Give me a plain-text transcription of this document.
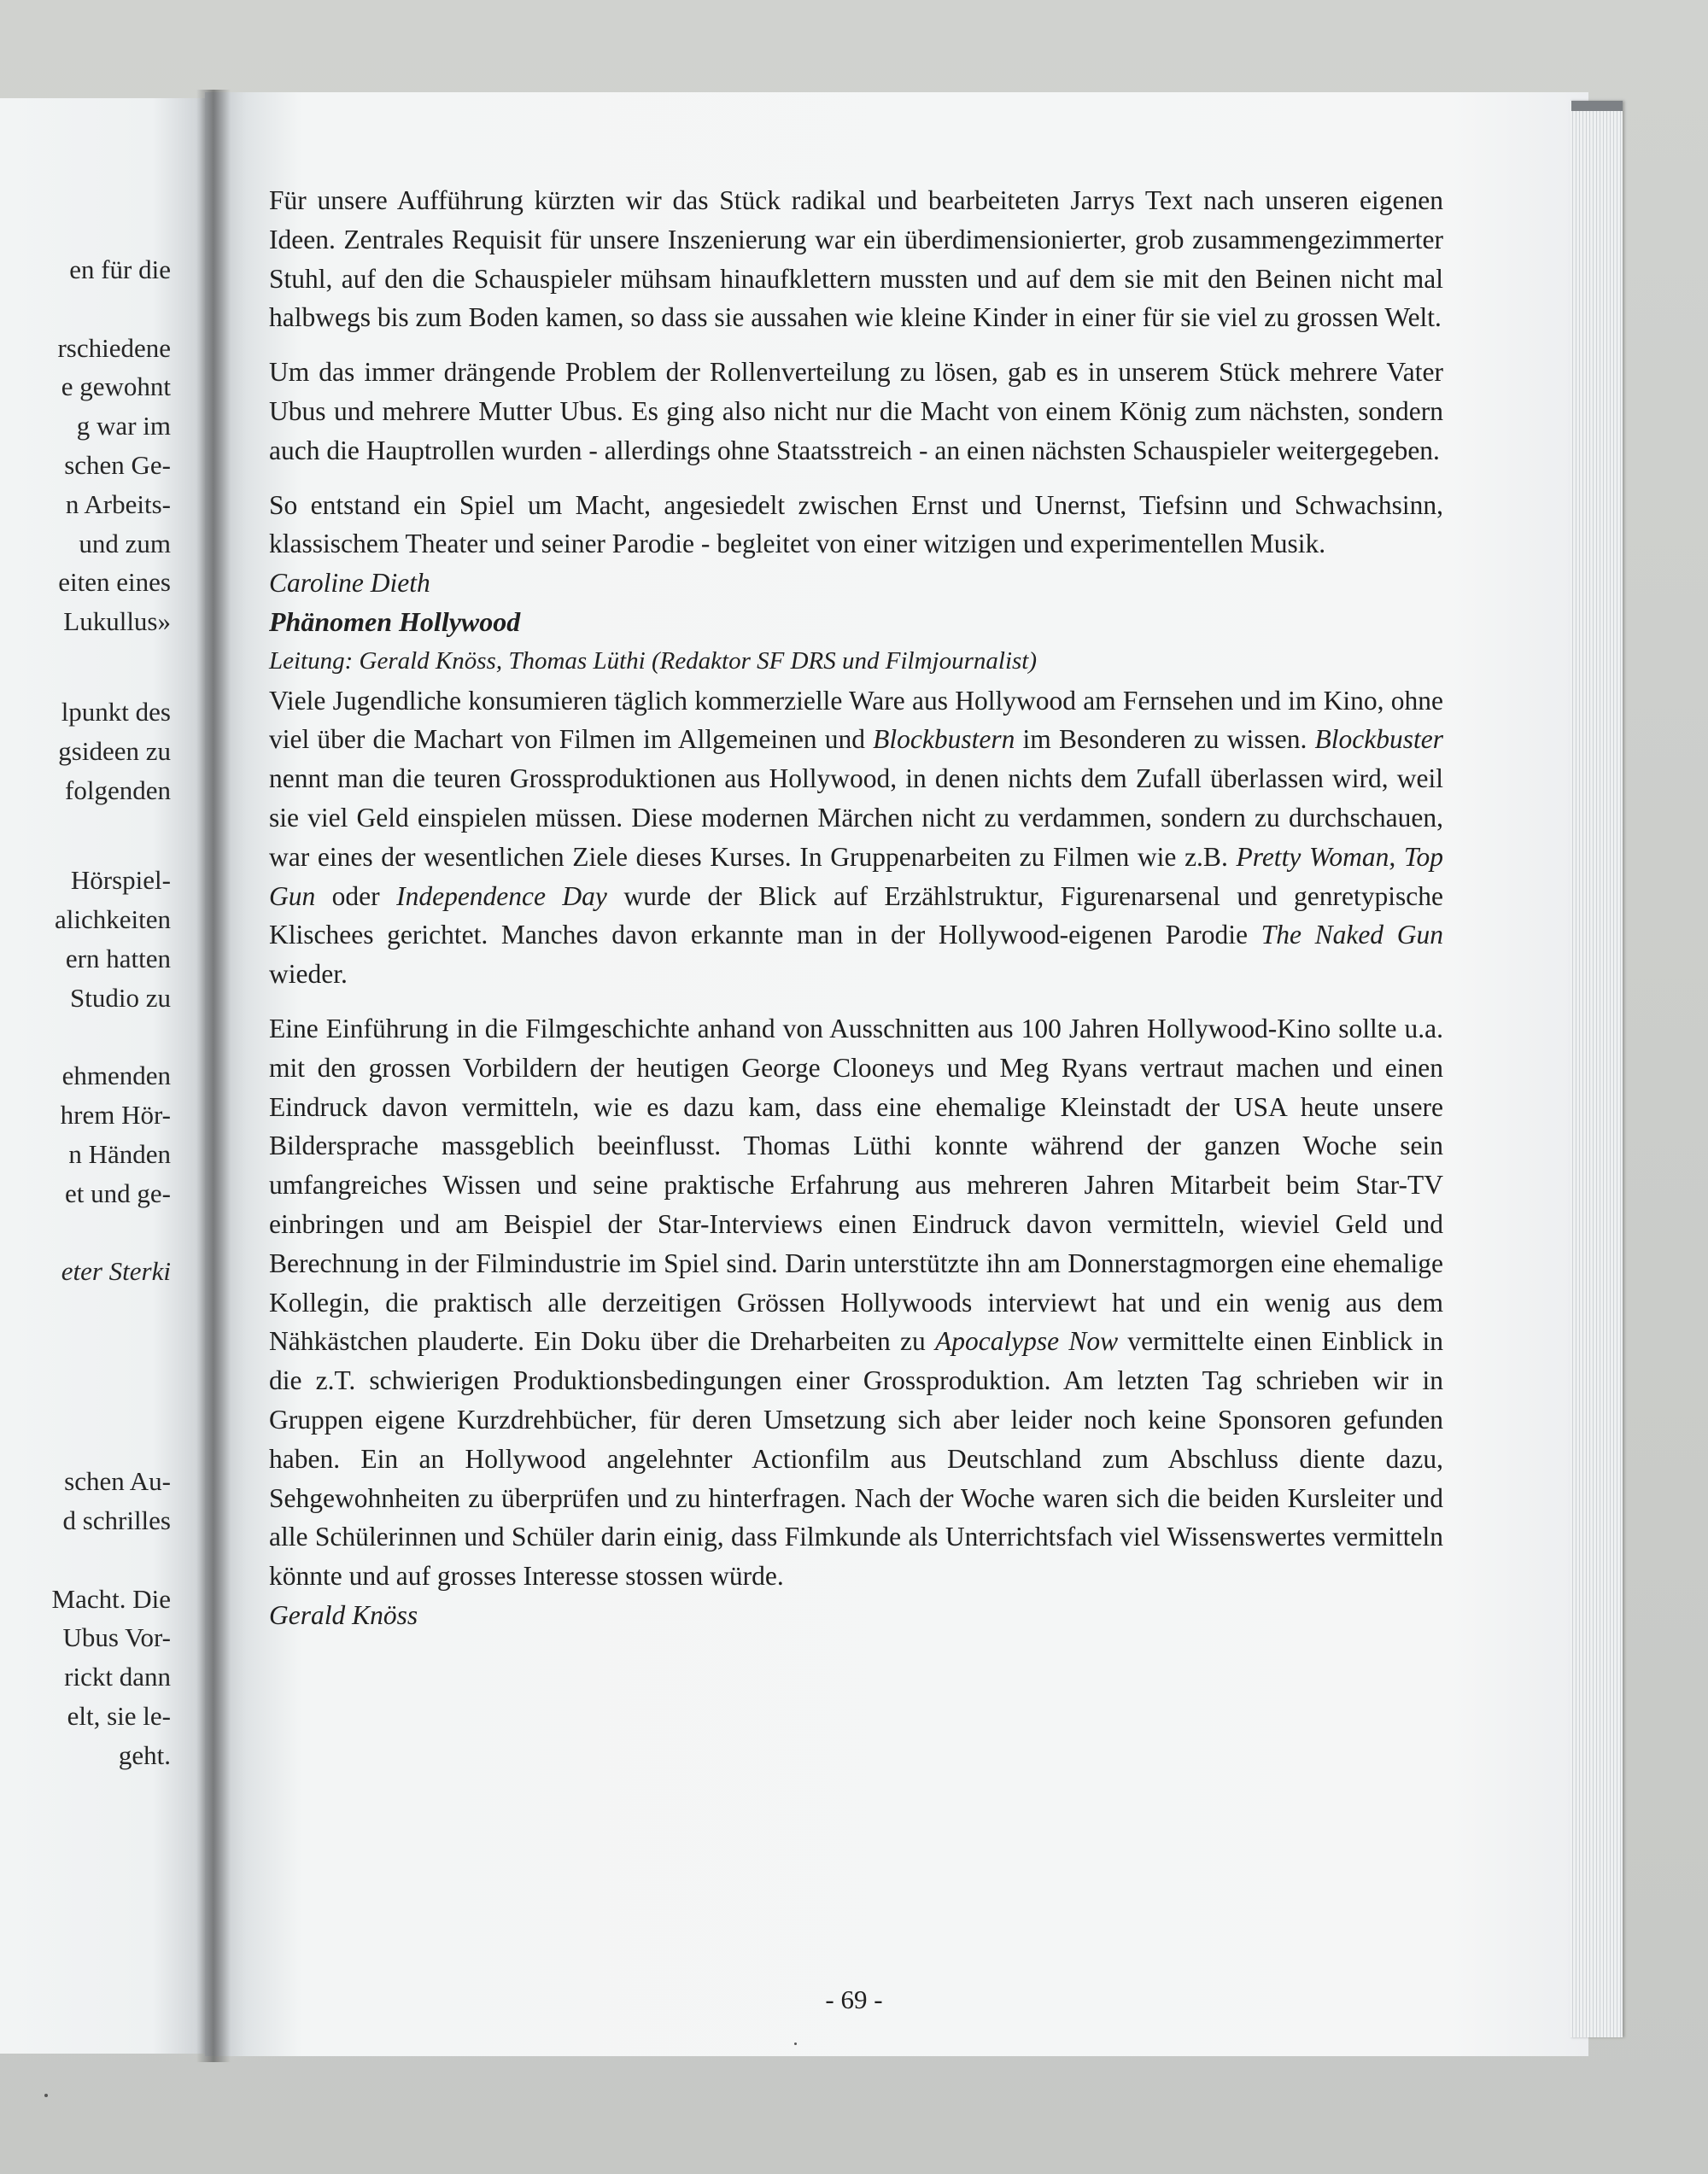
en für die
rschiedene
e gewohnt
g war im
schen Ge-
n Arbeits-
und zum
eiten eines
Lukullus»
lpunkt des
gsideen zu
folgenden
Hörspiel-
alichkeiten
ern hatten
Studio zu
ehmenden
hrem Hör-
n Händen
et und ge-
eter Sterki
schen Au-
d schrilles
Macht. Die
Ubus Vor-
rickt dann
elt, sie le-
geht.

Für unsere Aufführung kürzten wir das Stück radikal und bearbeiteten Jarrys Text nach unseren eigenen Ideen. Zentrales Requisit für unsere Inszenierung war ein überdimensionierter, grob zusammengezimmerter Stuhl, auf den die Schauspieler mühsam hinaufklettern mussten und auf dem sie mit den Beinen nicht mal halbwegs bis zum Boden kamen, so dass sie aussahen wie kleine Kinder in einer für sie viel zu grossen Welt.

Um das immer drängende Problem der Rollenverteilung zu lösen, gab es in unserem Stück mehrere Vater Ubus und mehrere Mutter Ubus. Es ging also nicht nur die Macht von einem König zum nächsten, sondern auch die Hauptrollen wurden - allerdings ohne Staatsstreich - an einen nächsten Schauspieler weitergegeben.

So entstand ein Spiel um Macht, angesiedelt zwischen Ernst und Unernst, Tiefsinn und Schwachsinn, klassischem Theater und seiner Parodie - begleitet von einer witzigen und experimentellen Musik.

Caroline Dieth

Phänomen Hollywood

Leitung: Gerald Knöss, Thomas Lüthi (Redaktor SF DRS und Filmjournalist)

Viele Jugendliche konsumieren täglich kommerzielle Ware aus Hollywood am Fernsehen und im Kino, ohne viel über die Machart von Filmen im Allgemeinen und Blockbustern im Besonderen zu wissen. Blockbuster nennt man die teuren Grossproduktionen aus Hollywood, in denen nichts dem Zufall überlassen wird, weil sie viel Geld einspielen müssen. Diese modernen Märchen nicht zu verdammen, sondern zu durchschauen, war eines der wesentlichen Ziele dieses Kurses. In Gruppenarbeiten zu Filmen wie z.B. Pretty Woman, Top Gun oder Independence Day wurde der Blick auf Erzählstruktur, Figurenarsenal und genretypische Klischees gerichtet. Manches davon erkannte man in der Hollywood-eigenen Parodie The Naked Gun wieder.

Eine Einführung in die Filmgeschichte anhand von Ausschnitten aus 100 Jahren Hollywood-Kino sollte u.a. mit den grossen Vorbildern der heutigen George Clooneys und Meg Ryans vertraut machen und einen Eindruck davon vermitteln, wie es dazu kam, dass eine ehemalige Kleinstadt der USA heute unsere Bildersprache massgeblich beeinflusst. Thomas Lüthi konnte während der ganzen Woche sein umfangreiches Wissen und seine praktische Erfahrung aus mehreren Jahren Mitarbeit beim Star-TV einbringen und am Beispiel der Star-Interviews einen Eindruck davon vermitteln, wieviel Geld und Berechnung in der Filmindustrie im Spiel sind. Darin unterstützte ihn am Donnerstagmorgen eine ehemalige Kollegin, die praktisch alle derzeitigen Grössen Hollywoods interviewt hat und ein wenig aus dem Nähkästchen plauderte. Ein Doku über die Dreharbeiten zu Apocalypse Now vermittelte einen Einblick in die z.T. schwierigen Produktionsbedingungen einer Grossproduktion. Am letzten Tag schrieben wir in Gruppen eigene Kurzdrehbücher, für deren Umsetzung sich aber leider noch keine Sponsoren gefunden haben. Ein an Hollywood angelehnter Actionfilm aus Deutschland zum Abschluss diente dazu, Sehgewohnheiten zu überprüfen und zu hinterfragen. Nach der Woche waren sich die beiden Kursleiter und alle Schülerinnen und Schüler darin einig, dass Filmkunde als Unterrichtsfach viel Wissenswertes vermitteln könnte und auf grosses Interesse stossen würde.

Gerald Knöss

- 69 -
